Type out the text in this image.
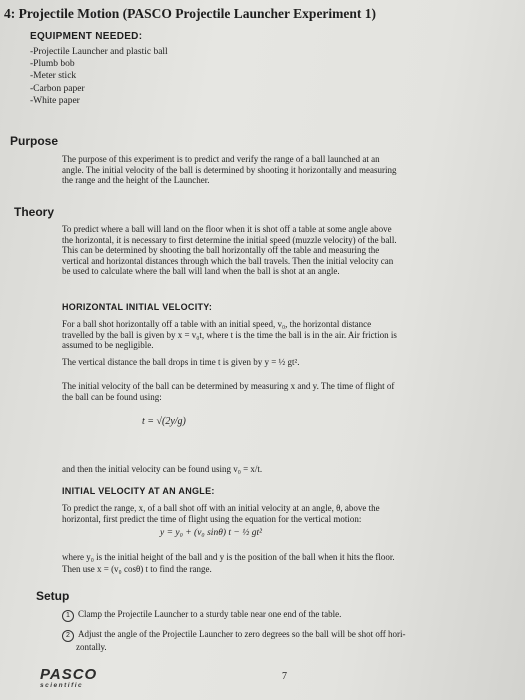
4: Projectile Motion (PASCO Projectile Launcher Experiment 1)
EQUIPMENT NEEDED:
-Projectile Launcher and plastic ball
-Plumb bob
-Meter stick
-Carbon paper
-White paper
Purpose
The purpose of this experiment is to predict and verify the range of a ball launched at an
angle. The initial velocity of the ball is determined by shooting it horizontally and measuring
the range and the height of the Launcher.
Theory
To predict where a ball will land on the floor when it is shot off a table at some angle above
the horizontal, it is necessary to first determine the initial speed (muzzle velocity) of the ball.
This can be determined by shooting the ball horizontally off the table and measuring the
vertical and horizontal distances through which the ball travels. Then the initial velocity can
be used to calculate where the ball will land when the ball is shot at an angle.
HORIZONTAL INITIAL VELOCITY:
For a ball shot horizontally off a table with an initial speed, v₀, the horizontal distance
travelled by the ball is given by x = v₀t, where t is the time the ball is in the air. Air friction is
assumed to be negligible.
The vertical distance the ball drops in time t is given by y = ½ gt².
The initial velocity of the ball can be determined by measuring x and y. The time of flight of
the ball can be found using:
t = √(2y/g)
and then the initial velocity can be found using v₀ = x/t.
INITIAL VELOCITY AT AN ANGLE:
To predict the range, x, of a ball shot off with an initial velocity at an angle, θ, above the
horizontal, first predict the time of flight using the equation for the vertical motion:
y = y₀ + (v₀ sinθ) t − ½ gt²
where y₀ is the initial height of the ball and y is the position of the ball when it hits the floor.
Then use x = (v₀ cosθ) t to find the range.
Setup
1 Clamp the Projectile Launcher to a sturdy table near one end of the table.
2 Adjust the angle of the Projectile Launcher to zero degrees so the ball will be shot off hori-
zontally.
PASCO
scientific
7
